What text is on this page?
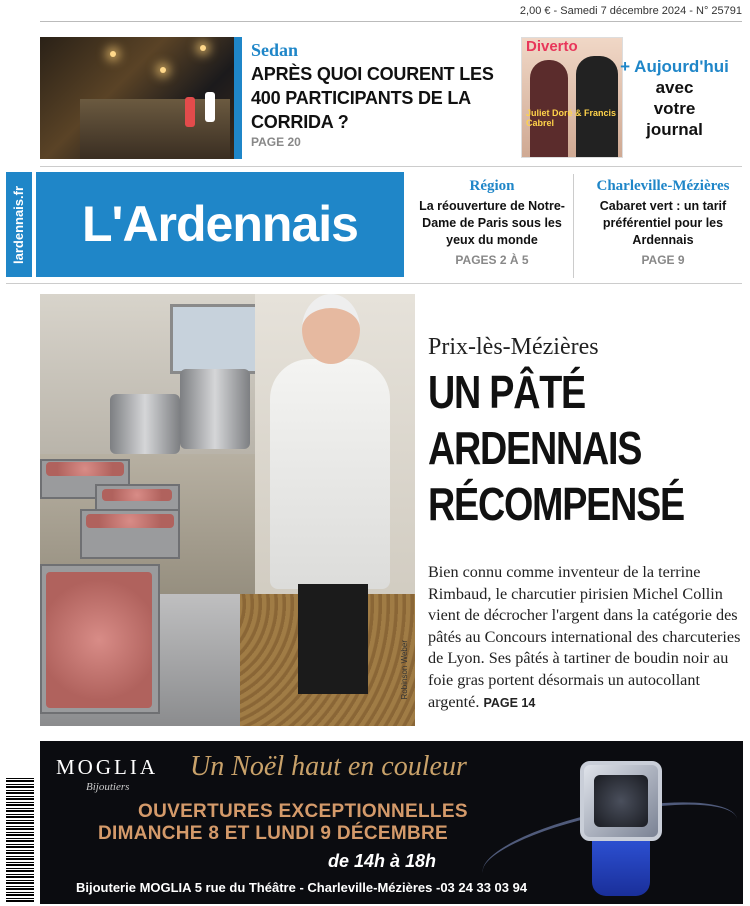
2,00 € - Samedi 7 décembre 2024 - N° 25791
Sedan
APRÈS QUOI COURENT LES 400 PARTICIPANTS DE LA CORRIDA ?
PAGE 20
Diverto
Juliet Doré & Francis Cabrel
+ Aujourd'hui
avec
votre
journal
lardennais.fr	L'Ardennais
Région
La réouverture de Notre-Dame de Paris sous les yeux du monde
PAGES 2 À 5
Charleville-Mézières
Cabaret vert : un tarif préférentiel pour les Ardennais
PAGE 9
Robinson Weber
Prix-lès-Mézières
UN PÂTÉ
ARDENNAIS
RÉCOMPENSÉ
Bien connu comme inventeur de la terrine Rimbaud, le charcutier pirisien Michel Collin vient de décrocher l'argent dans la catégorie des pâtés au Concours international des charcuteries de Lyon. Ses pâtés à tartiner de boudin noir au foie gras portent désormais un autocollant argenté. PAGE 14
MOGLIA
Bijoutiers
Un Noël haut en couleur
OUVERTURES EXCEPTIONNELLES
DIMANCHE 8 ET LUNDI 9 DÉCEMBRE
de 14h à 18h
Bijouterie MOGLIA 5 rue du Théâtre - Charleville-Mézières -03 24 33 03 94
